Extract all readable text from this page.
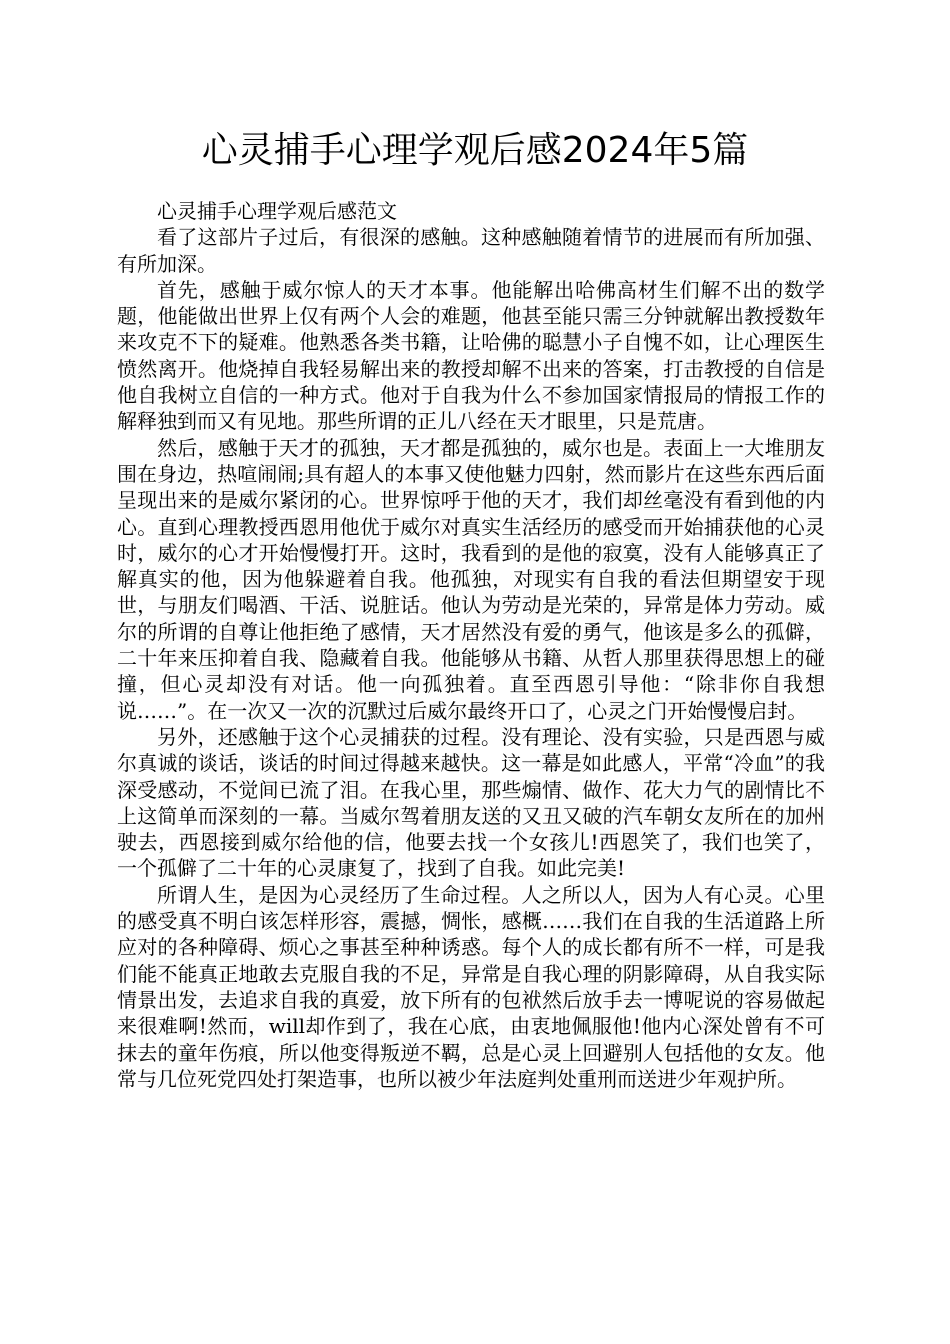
心灵捕手心理学观后感2024年5篇

心灵捕手心理学观后感范文

看了这部片子过后，有很深的感触。这种感触随着情节的进展而有所加强、有所加深。

首先，感触于威尔惊人的天才本事。他能解出哈佛高材生们解不出的数学题，他能做出世界上仅有两个人会的难题，他甚至能只需三分钟就解出教授数年来攻克不下的疑难。他熟悉各类书籍，让哈佛的聪慧小子自愧不如，让心理医生愤然离开。他烧掉自我轻易解出来的教授却解不出来的答案，打击教授的自信是他自我树立自信的一种方式。他对于自我为什么不参加国家情报局的情报工作的解释独到而又有见地。那些所谓的正儿八经在天才眼里，只是荒唐。

然后，感触于天才的孤独，天才都是孤独的，威尔也是。表面上一大堆朋友围在身边，热喧闹闹;具有超人的本事又使他魅力四射，然而影片在这些东西后面呈现出来的是威尔紧闭的心。世界惊呼于他的天才，我们却丝毫没有看到他的内心。直到心理教授西恩用他优于威尔对真实生活经历的感受而开始捕获他的心灵时，威尔的心才开始慢慢打开。这时，我看到的是他的寂寞，没有人能够真正了解真实的他，因为他躲避着自我。他孤独，对现实有自我的看法但期望安于现世，与朋友们喝酒、干活、说脏话。他认为劳动是光荣的，异常是体力劳动。威尔的所谓的自尊让他拒绝了感情，天才居然没有爱的勇气，他该是多么的孤僻，二十年来压抑着自我、隐藏着自我。他能够从书籍、从哲人那里获得思想上的碰撞，但心灵却没有对话。他一向孤独着。直至西恩引导他：“除非你自我想说……”。在一次又一次的沉默过后威尔最终开口了，心灵之门开始慢慢启封。

另外，还感触于这个心灵捕获的过程。没有理论、没有实验，只是西恩与威尔真诚的谈话，谈话的时间过得越来越快。这一幕是如此感人，平常“冷血”的我深受感动，不觉间已流了泪。在我心里，那些煽情、做作、花大力气的剧情比不上这简单而深刻的一幕。当威尔驾着朋友送的又丑又破的汽车朝女友所在的加州驶去，西恩接到威尔给他的信，他要去找一个女孩儿!西恩笑了，我们也笑了，一个孤僻了二十年的心灵康复了，找到了自我。如此完美!

所谓人生，是因为心灵经历了生命过程。人之所以人，因为人有心灵。心里的感受真不明白该怎样形容，震撼，惆怅，感概……我们在自我的生活道路上所应对的各种障碍、烦心之事甚至种种诱惑。每个人的成长都有所不一样，可是我们能不能真正地敢去克服自我的不足，异常是自我心理的阴影障碍，从自我实际情景出发，去追求自我的真爱，放下所有的包袱然后放手去一博呢说的容易做起来很难啊!然而，will却作到了，我在心底，由衷地佩服他!他内心深处曾有不可抹去的童年伤痕，所以他变得叛逆不羁，总是心灵上回避别人包括他的女友。他常与几位死党四处打架造事，也所以被少年法庭判处重刑而送进少年观护所。
